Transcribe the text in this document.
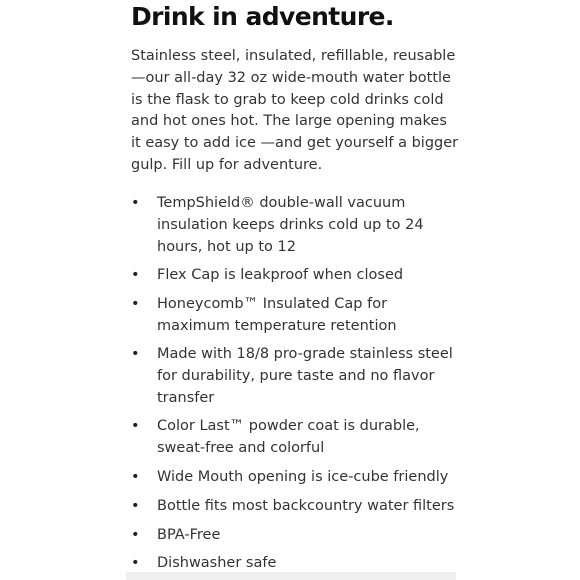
Drink in adventure.

Stainless steel, insulated, refillable, reusable
—our all-day 32 oz wide-mouth water bottle
is the flask to grab to keep cold drinks cold
and hot ones hot. The large opening makes
it easy to add ice —and get yourself a bigger
gulp. Fill up for adventure.

• TempShield® double-wall vacuum
insulation keeps drinks cold up to 24
hours, hot up to 12
• Flex Cap is leakproof when closed
• Honeycomb™ Insulated Cap for
maximum temperature retention
• Made with 18/8 pro-grade stainless steel
for durability, pure taste and no flavor
transfer
• Color Last™ powder coat is durable,
sweat-free and colorful
• Wide Mouth opening is ice-cube friendly
• Bottle fits most backcountry water filters
• BPA-Free
• Dishwasher safe
